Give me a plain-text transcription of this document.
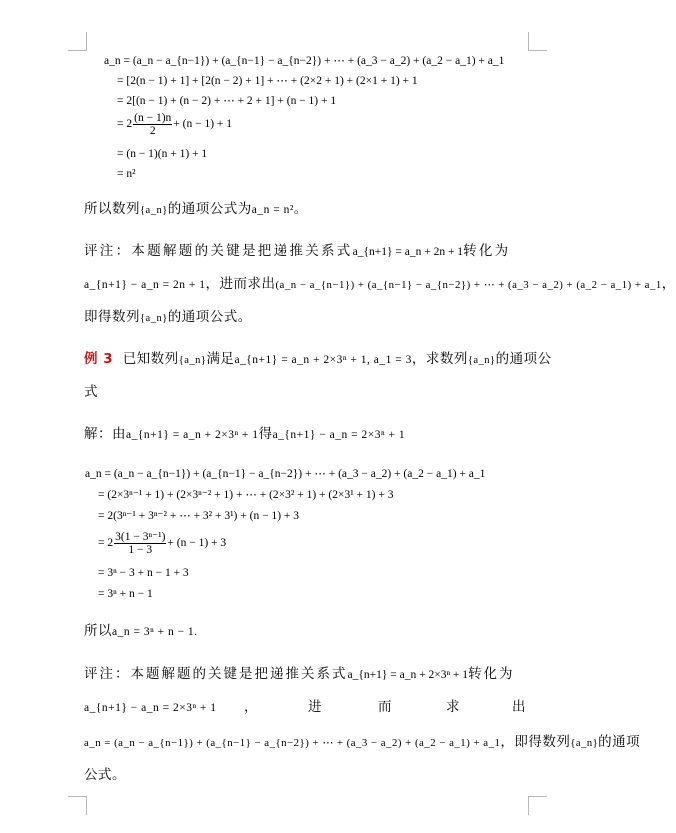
a_n = (a_n − a_{n−1}) + (a_{n−1} − a_{n−2}) + ⋯ + (a_3 − a_2) + (a_2 − a_1) + a_1
= [2(n − 1) + 1] + [2(n − 2) + 1] + ⋯ + (2×2 + 1) + (2×1 + 1) + 1
= 2[(n − 1) + (n − 2) + ⋯ + 2 + 1] + (n − 1) + 1
= $2 \frac{(n - 1)n}{2} + (n - 1) + 1$
= (n − 1)(n + 1) + 1
= n²
所以数列{a_n}的通项公式为a_n = n²。
评注：本题解题的关键是把递推关系式a_{n+1} = a_n + 2n + 1转化为
a_{n+1} − a_n = 2n + 1，进而求出(a_n − a_{n−1}) + (a_{n−1} − a_{n−2}) + ⋯ + (a_3 − a_2) + (a_2 − a_1) + a_1，
即得数列{a_n}的通项公式。
例 3 已知数列{a_n}满足a_{n+1} = a_n + 2×3ⁿ + 1, a_1 = 3，求数列{a_n}的通项公
式
解：由a_{n+1} = a_n + 2×3ⁿ + 1得a_{n+1} − a_n = 2×3ⁿ + 1
a_n = (a_n − a_{n−1}) + (a_{n−1} − a_{n−2}) + ⋯ + (a_3 − a_2) + (a_2 − a_1) + a_1
= (2×3ⁿ⁻¹ + 1) + (2×3ⁿ⁻² + 1) + ⋯ + (2×3² + 1) + (2×3¹ + 1) + 3
= 2(3ⁿ⁻¹ + 3ⁿ⁻² + ⋯ + 3² + 3¹) + (n − 1) + 3
= $2 \frac{\text{3(1 − 3ⁿ⁻¹)}}{1 - 3} + (n - 1) + 3$
= 3ⁿ − 3 + n − 1 + 3
= 3ⁿ + n − 1
所以a_n = 3ⁿ + n − 1.
评注：本题解题的关键是把递推关系式a_{n+1} = a_n + 2×3ⁿ + 1转化为
a_{n+1} − a_n = 2×3ⁿ + 1 ，	进	而	求	出
a_n = (a_n − a_{n−1}) + (a_{n−1} − a_{n−2}) + ⋯ + (a_3 − a_2) + (a_2 − a_1) + a_1，即得数列{a_n}的通项
公式。
